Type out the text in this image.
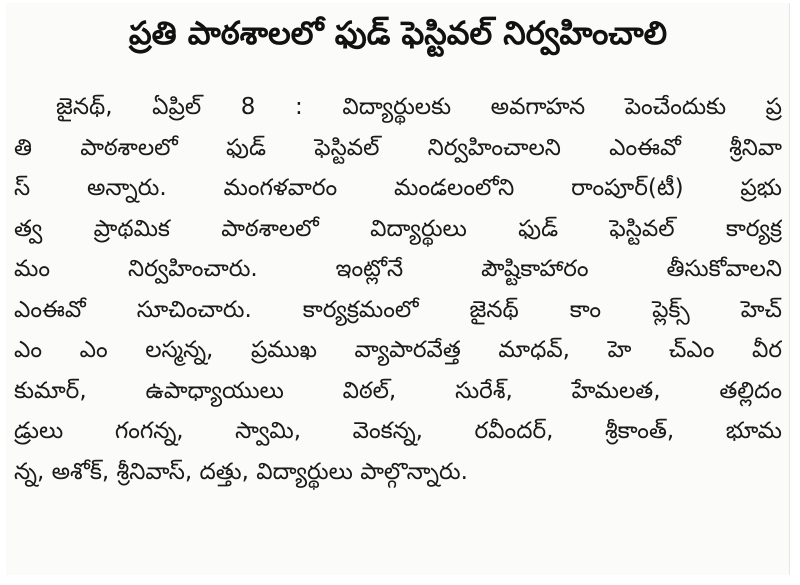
ప్రతి పాఠశాలలో ఫుడ్ ఫెస్టివల్ నిర్వహించాలి
జైనథ్, ఏప్రిల్ 8 : విద్యార్థులకు అవగాహన పెంచేందుకు ప్ర
తి పాఠశాలలో ఫుడ్ ఫెస్టివల్ నిర్వహించాలని ఎంఈవో శ్రీనివా
స్ అన్నారు. మంగళవారం మండలంలోని రాంపూర్(టీ) ప్రభు
త్వ ప్రాథమిక పాఠశాలలో విద్యార్థులు ఫుడ్ ఫెస్టివల్ కార్యక్ర
మం నిర్వహించారు. ఇంట్లోనే పౌష్టికాహారం తీసుకోవాలని
ఎంఈవో సూచించారు. కార్యక్రమంలో జైనథ్ కాం ప్లెక్స్ హెచ్
ఎం ఎం లస్మన్న, ప్రముఖ వ్యాపారవేత్త మాధవ్, హె చ్ఎం వీర
కుమార్, ఉపాధ్యాయులు విఠల్, సురేశ్, హేమలత, తల్లిదం
డ్రులు గంగన్న, స్వామి, వెంకన్న, రవీందర్, శ్రీకాంత్, భూమ
న్న, అశోక్, శ్రీనివాస్, దత్తు, విద్యార్థులు పాల్గొన్నారు.
